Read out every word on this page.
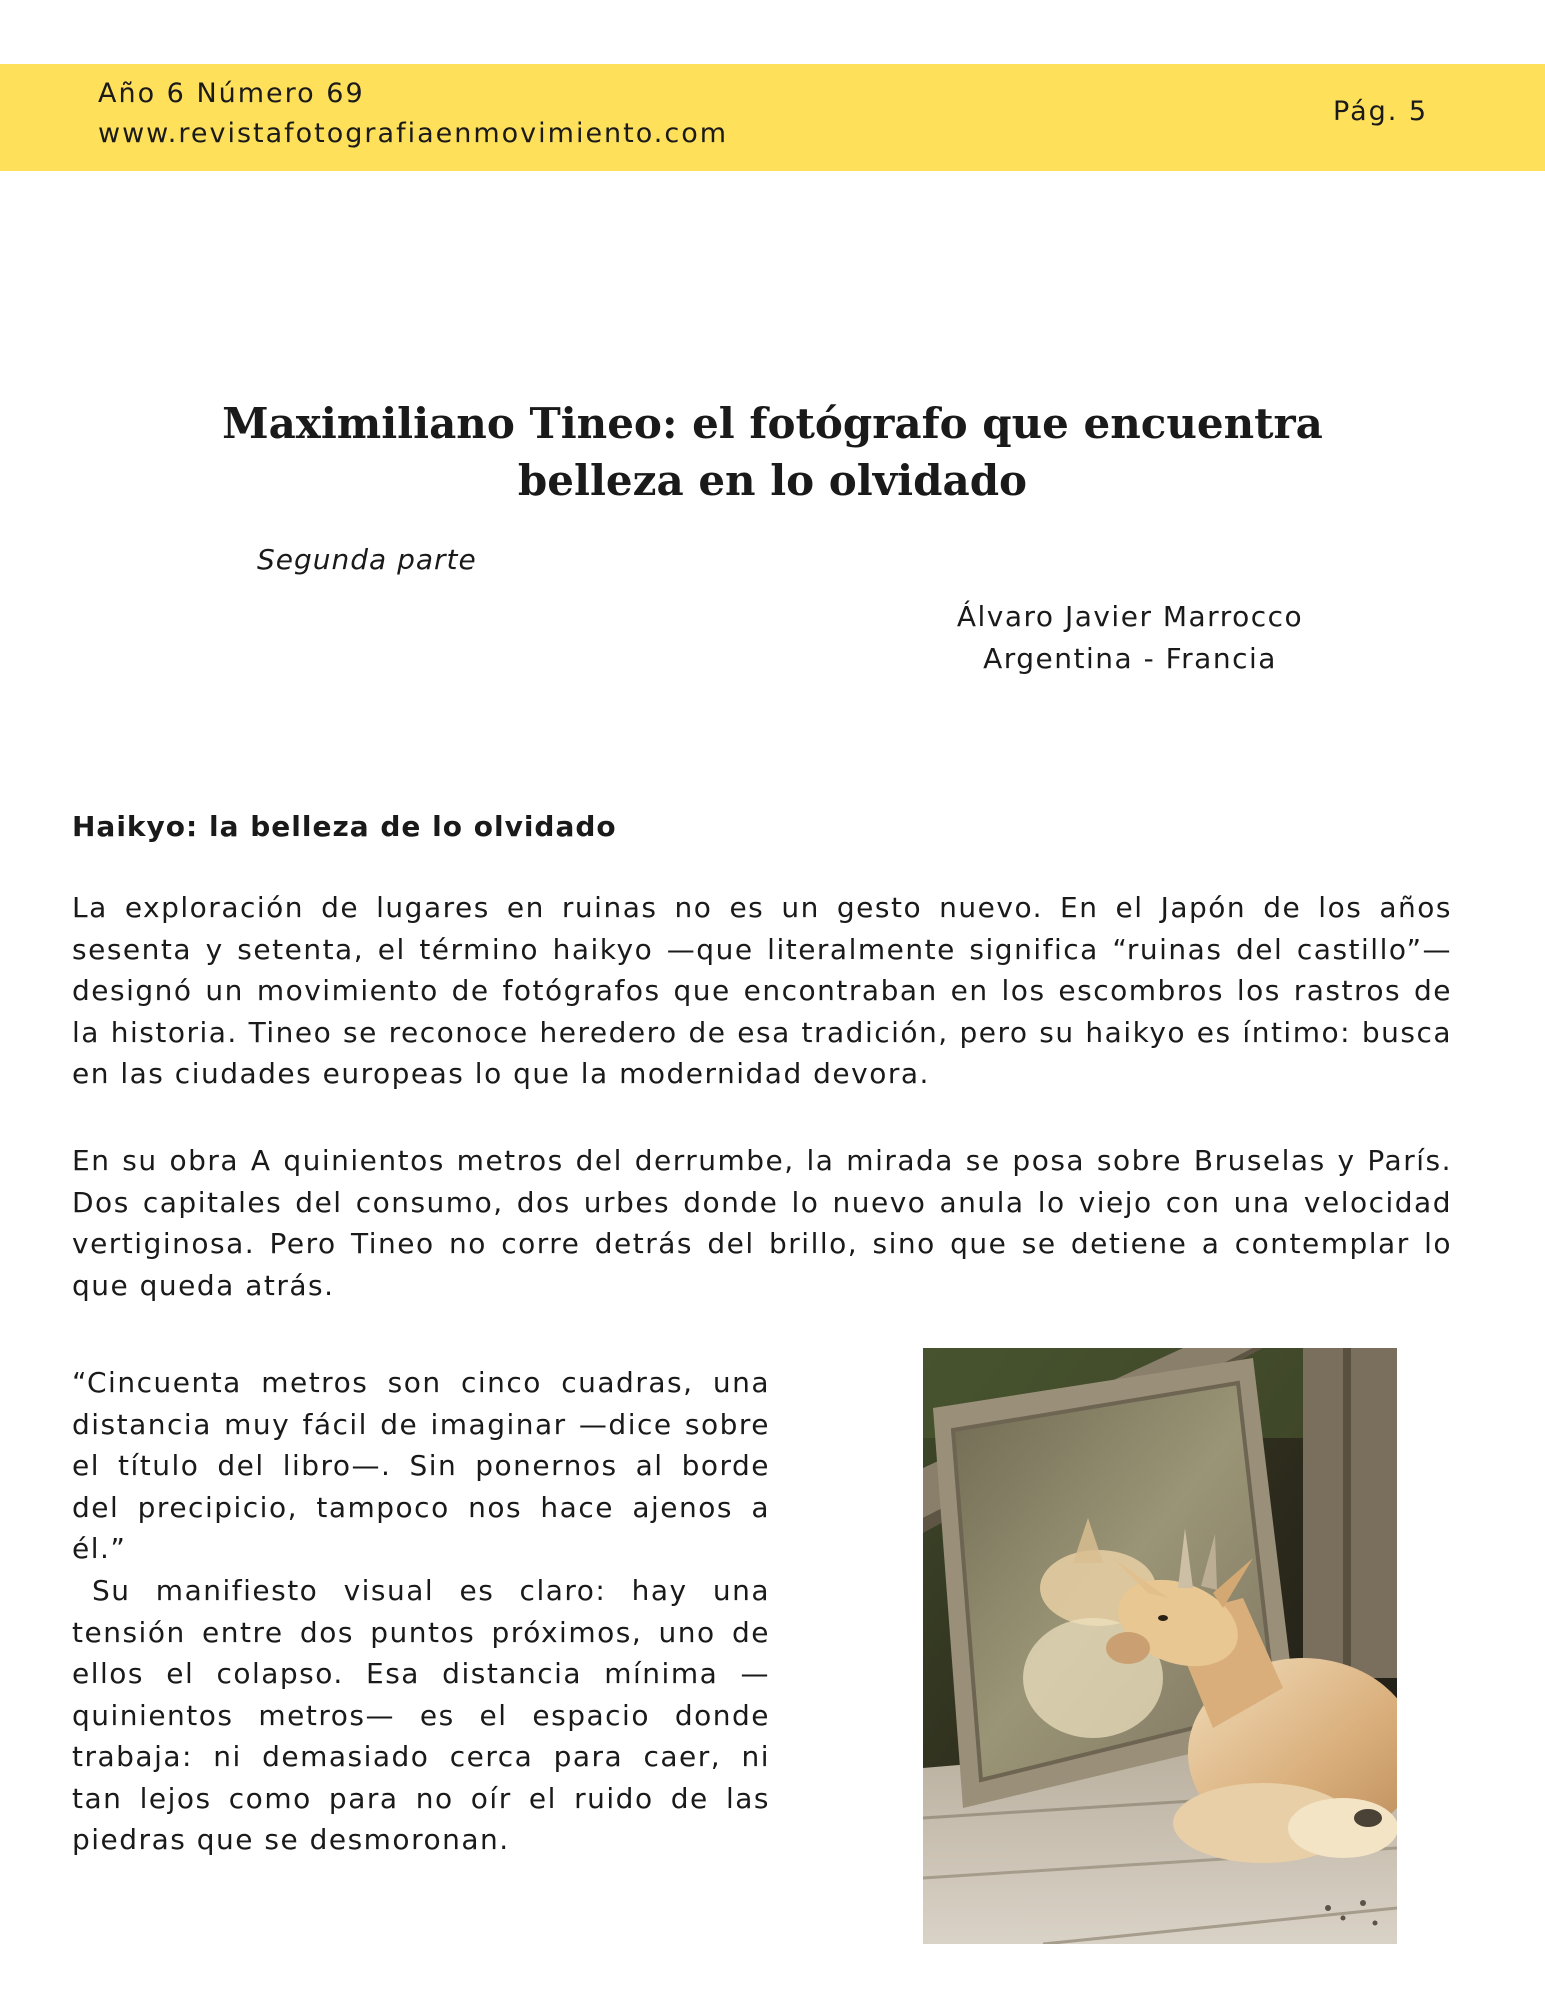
Año 6 Número 69
www.revistafotografiaenmovimiento.com
Pág. 5
Maximiliano Tineo: el fotógrafo que encuentra belleza en lo olvidado
Segunda parte
Álvaro Javier Marrocco
Argentina - Francia
Haikyo: la belleza de lo olvidado

La exploración de lugares en ruinas no es un gesto nuevo. En el Japón de los años sesenta y setenta, el término haikyo —que literalmente significa “ruinas del castillo”— designó un movimiento de fotógrafos que encontraban en los escombros los rastros de la historia. Tineo se reconoce heredero de esa tradición, pero su haikyo es íntimo: busca en las ciudades europeas lo que la modernidad devora.

En su obra A quinientos metros del derrumbe, la mirada se posa sobre Bruselas y París. Dos capitales del consumo, dos urbes donde lo nuevo anula lo viejo con una velocidad vertiginosa. Pero Tineo no corre detrás del brillo, sino que se detiene a contemplar lo que queda atrás.

“Cincuenta metros son cinco cuadras, una distancia muy fácil de imaginar —dice sobre el título del libro—. Sin ponernos al borde del precipicio, tampoco nos hace ajenos a él.”

Su manifiesto visual es claro: hay una tensión entre dos puntos próximos, uno de ellos el colapso. Esa distancia mínima —quinientos metros— es el espacio donde trabaja: ni demasiado cerca para caer, ni tan lejos como para no oír el ruido de las piedras que se desmoronan.
